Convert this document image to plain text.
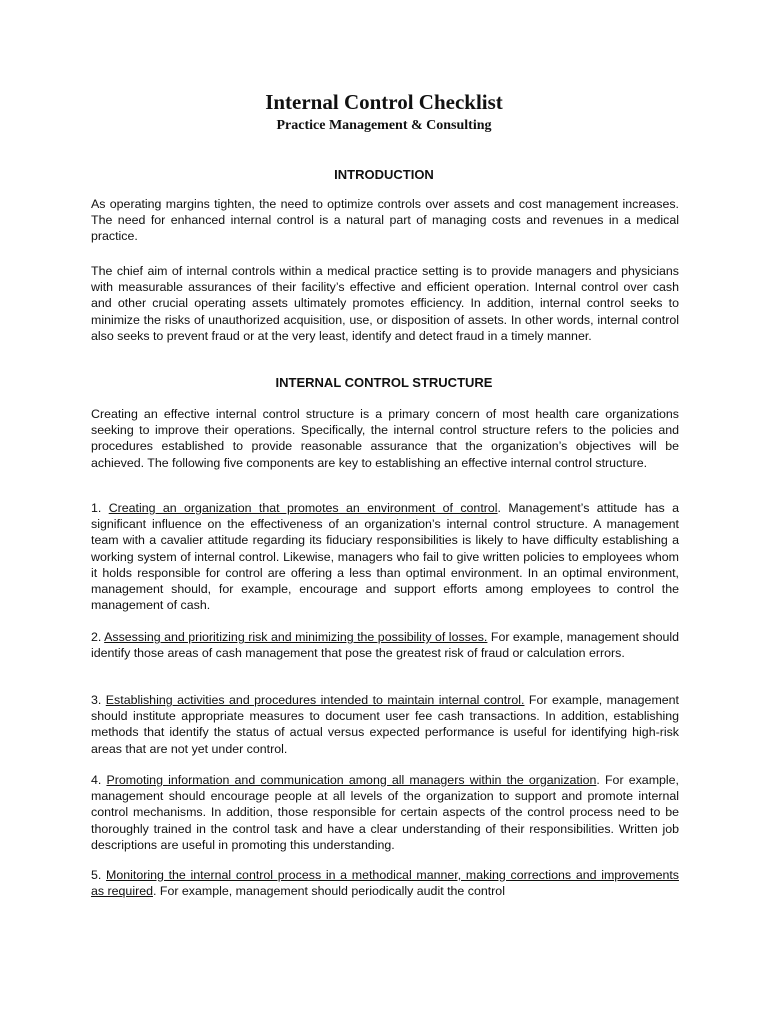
Internal Control Checklist
Practice Management & Consulting
INTRODUCTION

As operating margins tighten, the need to optimize controls over assets and cost management increases. The need for enhanced internal control is a natural part of managing costs and revenues in a medical practice.

The chief aim of internal controls within a medical practice setting is to provide managers and physicians with measurable assurances of their facility’s effective and efficient operation. Internal control over cash and other crucial operating assets ultimately promotes efficiency. In addition, internal control seeks to minimize the risks of unauthorized acquisition, use, or disposition of assets. In other words, internal control also seeks to prevent fraud or at the very least, identify and detect fraud in a timely manner.

INTERNAL CONTROL STRUCTURE

Creating an effective internal control structure is a primary concern of most health care organizations seeking to improve their operations. Specifically, the internal control structure refers to the policies and procedures established to provide reasonable assurance that the organization’s objectives will be achieved. The following five components are key to establishing an effective internal control structure.

1. Creating an organization that promotes an environment of control. Management’s attitude has a significant influence on the effectiveness of an organization’s internal control structure. A management team with a cavalier attitude regarding its fiduciary responsibilities is likely to have difficulty establishing a working system of internal control. Likewise, managers who fail to give written policies to employees whom it holds responsible for control are offering a less than optimal environment. In an optimal environment, management should, for example, encourage and support efforts among employees to control the management of cash.

2. Assessing and prioritizing risk and minimizing the possibility of losses. For example, management should identify those areas of cash management that pose the greatest risk of fraud or calculation errors.

3. Establishing activities and procedures intended to maintain internal control. For example, management should institute appropriate measures to document user fee cash transactions. In addition, establishing methods that identify the status of actual versus expected performance is useful for identifying high-risk areas that are not yet under control.

4. Promoting information and communication among all managers within the organization. For example, management should encourage people at all levels of the organization to support and promote internal control mechanisms. In addition, those responsible for certain aspects of the control process need to be thoroughly trained in the control task and have a clear understanding of their responsibilities. Written job descriptions are useful in promoting this understanding.

5. Monitoring the internal control process in a methodical manner, making corrections and improvements as required. For example, management should periodically audit the control
